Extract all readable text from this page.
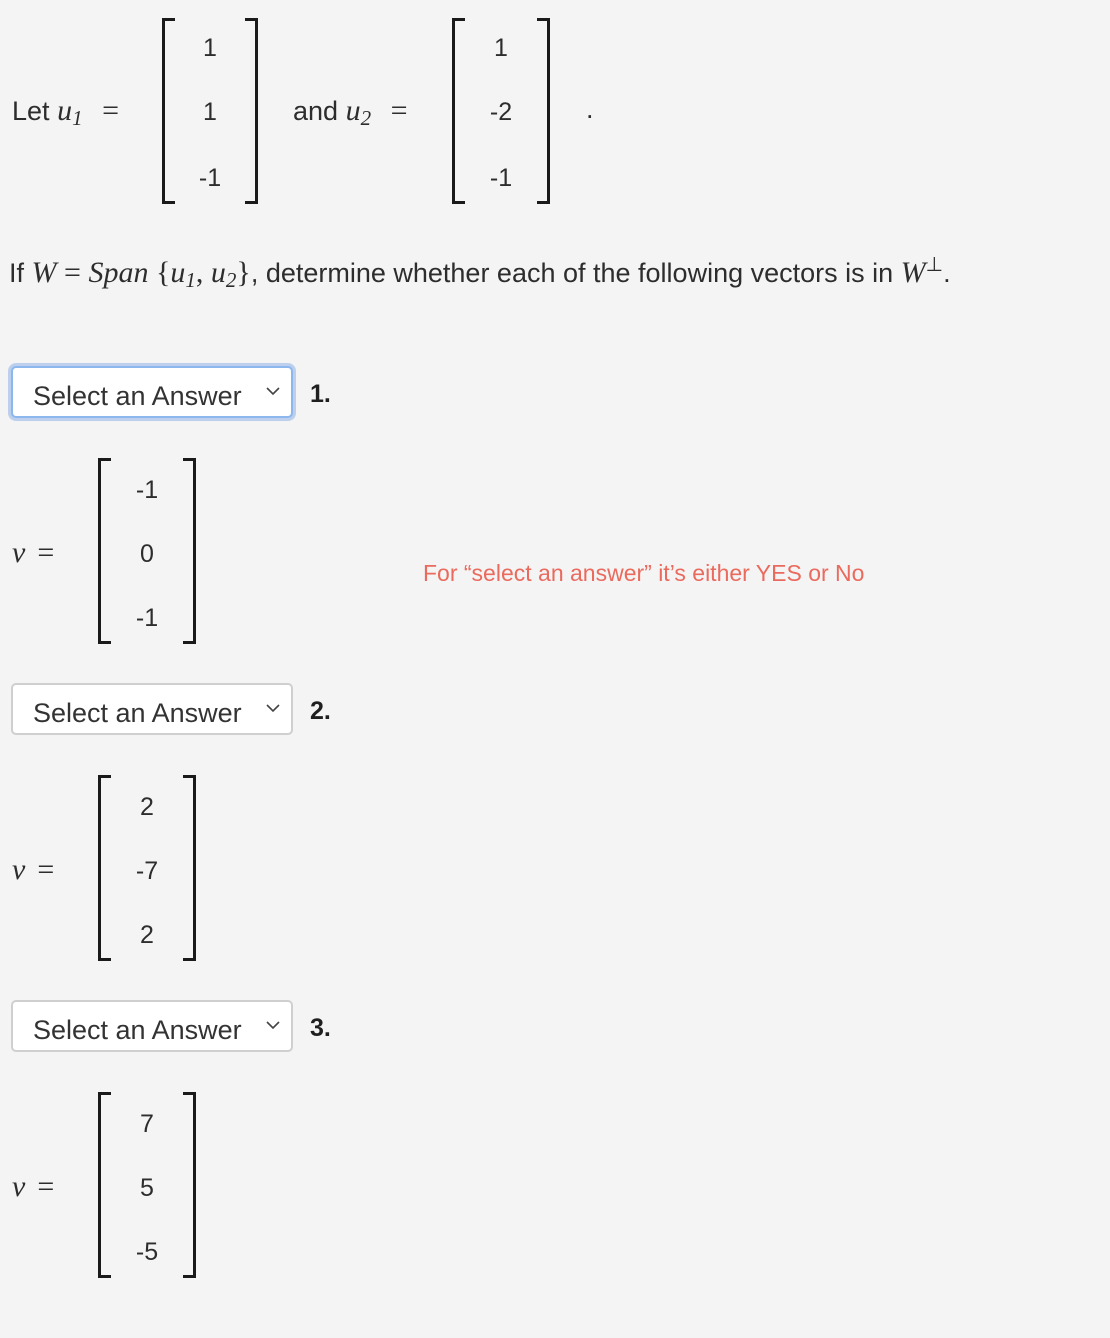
Let $u_1$ =
1
1
-1
and $u_2$ =
1
-2
-1
.
If W = Span {$u_1$, $u_2$}, determine whether each of the following vectors is in W⊥.
Select an Answer	1.
v =
-1
0
-1
For “select an answer” it’s either YES or No
Select an Answer	2.
v =
2
-7
2
Select an Answer	3.
v =
7
5
-5
